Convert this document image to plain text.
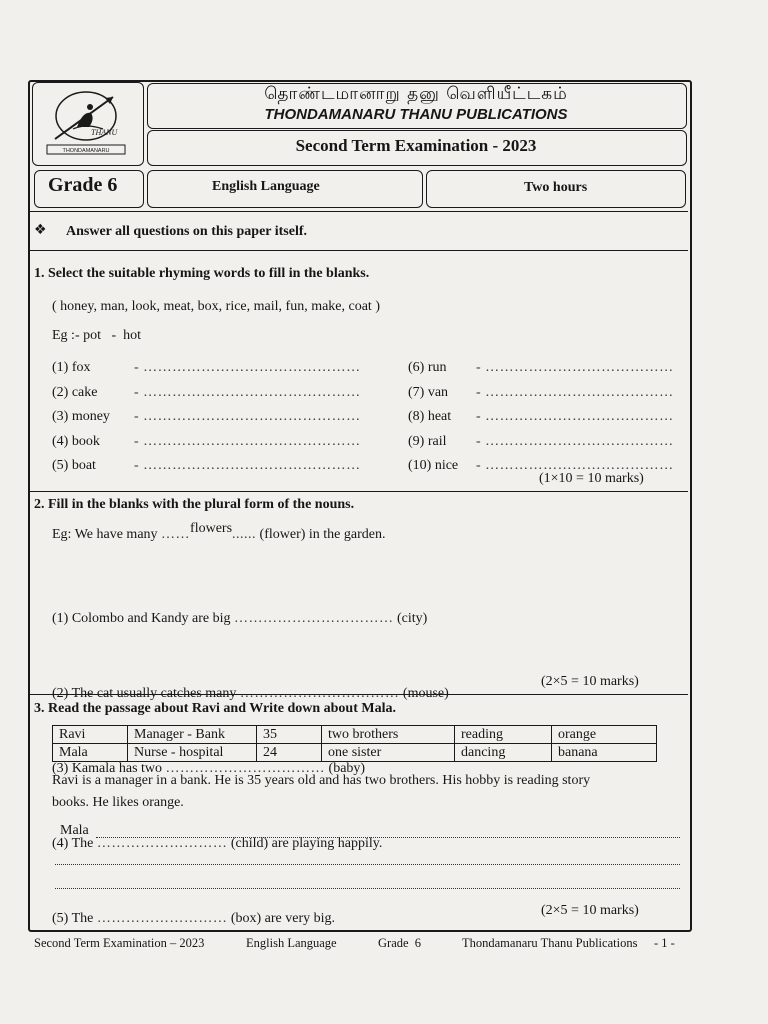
THANU
THONDAMANARU
தொண்டமானாறு தனு வெளியீட்டகம்
THONDAMANARU THANU PUBLICATIONS
Second Term Examination - 2023
Grade 6	English Language	Two hours
❖ Answer all questions on this paper itself.
1. Select the suitable rhyming words to fill in the blanks.
( honey, man, look, meat, box, rice, mail, fun, make, coat )
Eg :- pot   -  hot
(1) fox	- ………………………………………
(2) cake	- ………………………………………
(3) money - ………………………………………
(4) book - ………………………………………
(5) boat	- ………………………………………
(6) run - …………………………………
(7) van - …………………………………
(8) heat - …………………………………
(9) rail - …………………………………
(10) nice - …………………………………
(1×10 = 10 marks)
2. Fill in the blanks with the plural form of the nouns.
Eg: We have many ……flowers...... (flower) in the garden.

(1) Colombo and Kandy are big …………………………… (city)

(2) The cat usually catches many …………………………… (mouse)

(3) Kamala has two …………………………… (baby)

(4) The ……………………… (child) are playing happily.

(5) The ……………………… (box) are very big.

(2×5 = 10 marks)
3. Read the passage about Ravi and Write down about Mala.
Ravi	Manager - Bank	35	two brothers	reading	orange
Mala	Nurse - hospital	24	one sister	dancing	banana
Ravi is a manager in a bank. He is 35 years old and has two brothers. His hobby is reading story
books. He likes orange.
Mala
(2×5 = 10 marks)
Second Term Examination – 2023	English Language	Grade  6	Thondamanaru Thanu Publications - 1 -
